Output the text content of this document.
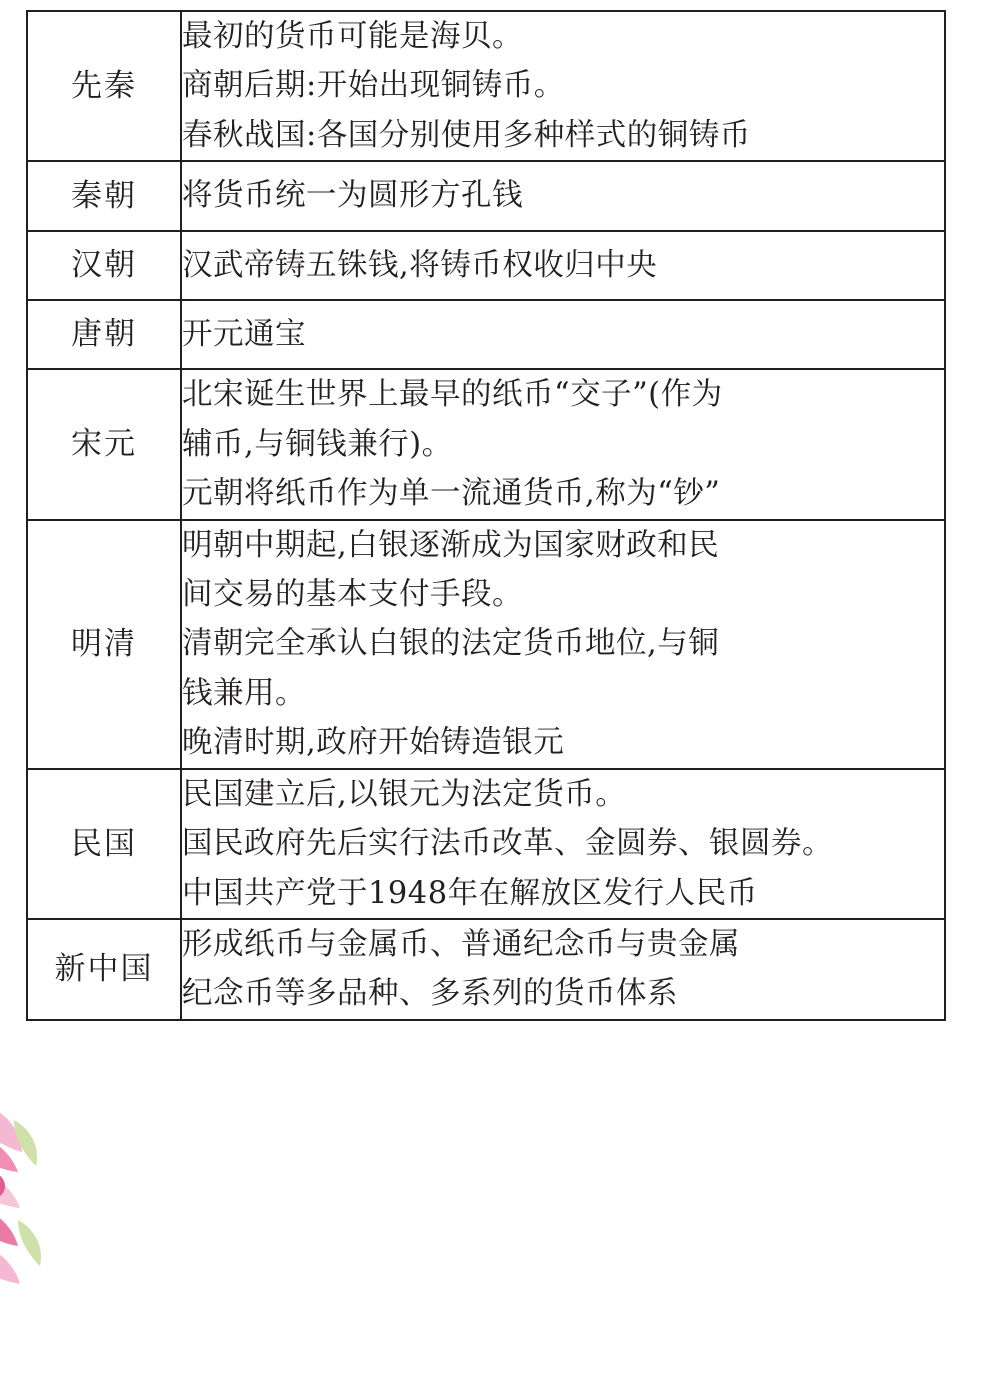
先秦	最初的货币可能是海贝。

商朝后期:开始出现铜铸币。

春秋战国:各国分别使用多种样式的铜铸币

秦朝	将货币统一为圆形方孔钱

汉朝	汉武帝铸五铢钱,将铸币权收归中央

唐朝	开元通宝

宋元	北宋诞生世界上最早的纸币“交子”(作为

辅币,与铜钱兼行)。

元朝将纸币作为单一流通货币,称为“钞”

明清	明朝中期起,白银逐渐成为国家财政和民

间交易的基本支付手段。

清朝完全承认白银的法定货币地位,与铜

钱兼用。

晚清时期,政府开始铸造银元

民国	民国建立后,以银元为法定货币。

国民政府先后实行法币改革、金圆券、银圆券。

中国共产党于1948年在解放区发行人民币

新中国	形成纸币与金属币、普通纪念币与贵金属

纪念币等多品种、多系列的货币体系
